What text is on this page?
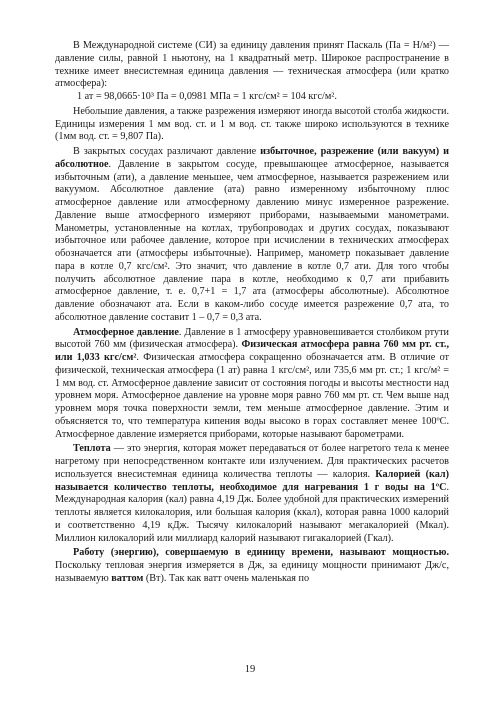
В Международной системе (СИ) за единицу давления принят Паскаль (Па = Н/м²) — давление силы, равной 1 ньютону, на 1 квадратный метр. Широкое распространение в технике имеет внесистемная единица давления — техническая атмосфера (или кратко атмосфера):

1 ат = 98,0665·10³ Па = 0,0981 МПа = 1 кгс/см² = 104 кгс/м².

Небольшие давления, а также разрежения измеряют иногда высотой столба жидкости. Единицы измерения 1 мм вод. ст. и 1 м вод. ст. также широко используются в технике (1мм вод. ст. = 9,807 Па).

В закрытых сосудах различают давление избыточное, разрежение (или вакуум) и абсолютное. Давление в закрытом сосуде, превышающее атмосферное, называется избыточным (ати), а давление меньшее, чем атмосферное, называется разрежением или вакуумом. Абсолютное давление (ата) равно измеренному избыточному плюс атмосферное давление или атмосферному давлению минус измеренное разрежение. Давление выше атмосферного измеряют приборами, называемыми манометрами. Манометры, установленные на котлах, трубопроводах и других сосудах, показывают избыточное или рабочее давление, которое при исчислении в технических атмосферах обозначается ати (атмосферы избыточные). Например, манометр показывает давление пара в котле 0,7 кгс/см². Это значит, что давление в котле 0,7 ати. Для того чтобы получить абсолютное давление пара в котле, необходимо к 0,7 ати прибавить атмосферное давление, т. е. 0,7+1 = 1,7 ата (атмосферы абсолютные). Абсолютное давление обозначают ата. Если в каком-либо сосуде имеется разрежение 0,7 ата, то абсолютное давление составит 1 – 0,7 = 0,3 ата.

Атмосферное давление. Давление в 1 атмосферу уравновешивается столбиком ртути высотой 760 мм (физическая атмосфера). Физическая атмосфера равна 760 мм рт. ст., или 1,033 кгс/см². Физическая атмосфера сокращенно обозначается атм. В отличие от физической, техническая атмосфера (1 ат) равна 1 кгс/см², или 735,6 мм рт. ст.; 1 кгс/м² = 1 мм вод. ст. Атмосферное давление зависит от состояния погоды и высоты местности над уровнем моря. Атмосферное давление на уровне моря равно 760 мм рт. ст. Чем выше над уровнем моря точка поверхности земли, тем меньше атмосферное давление. Этим и объясняется то, что температура кипения воды высоко в горах составляет менее 100ºС. Атмосферное давление измеряется приборами, которые называют барометрами.

Теплота — это энергия, которая может передаваться от более нагретого тела к менее нагретому при непосредственном контакте или излучением. Для практических расчетов используется внесистемная единица количества теплоты — калория. Калорией (кал) называется количество теплоты, необходимое для нагревания 1 г воды на 1ºС. Международная калория (кал) равна 4,19 Дж. Более удобной для практических измерений теплоты является килокалория, или большая калория (ккал), которая равна 1000 калорий и соответственно 4,19 кДж. Тысячу килокалорий называют мегакалорией (Мкал). Миллион килокалорий или миллиард калорий называют гигакалорией (Гкал).

Работу (энергию), совершаемую в единицу времени, называют мощностью. Поскольку тепловая энергия измеряется в Дж, за единицу мощности принимают Дж/с, называемую ваттом (Вт). Так как ватт очень маленькая по

19
